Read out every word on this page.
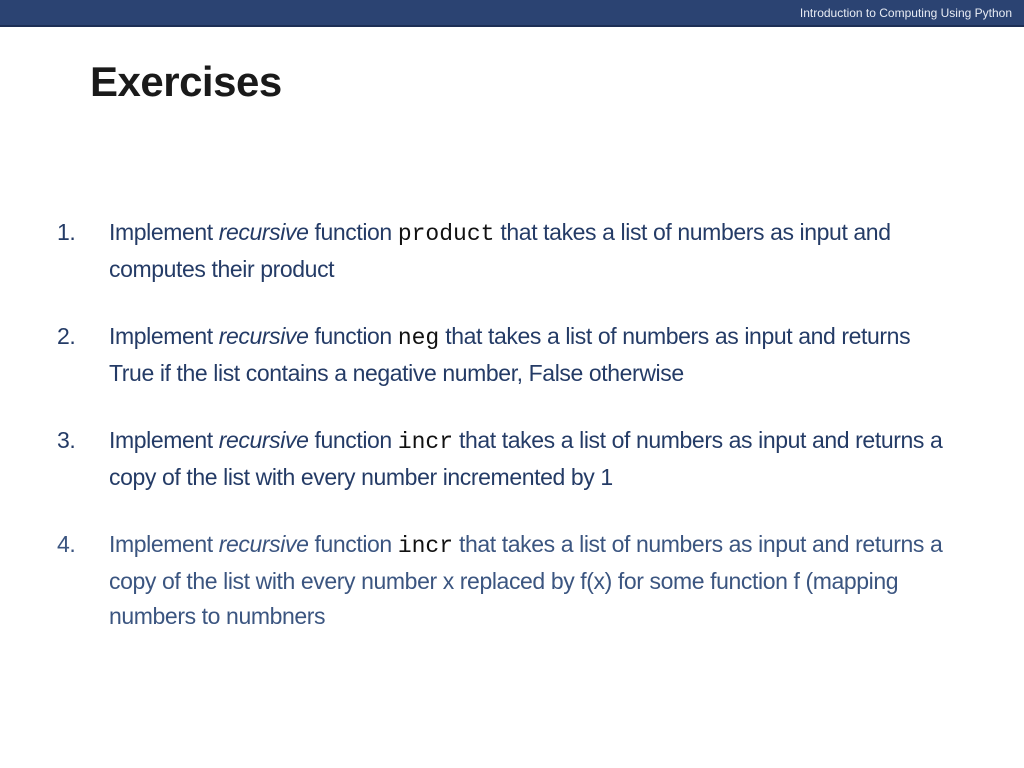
Introduction to Computing Using Python
Exercises
1. Implement recursive function product that takes a list of numbers as input and computes their product
2. Implement recursive function neg that takes a list of numbers as input and returns True if the list contains a negative number, False otherwise
3. Implement recursive function incr that takes a list of numbers as input and returns a copy of the list with every number incremented by 1
4. Implement recursive function incr that takes a list of numbers as input and returns a copy of the list with every number x replaced by f(x) for some function f (mapping numbers to numbners
